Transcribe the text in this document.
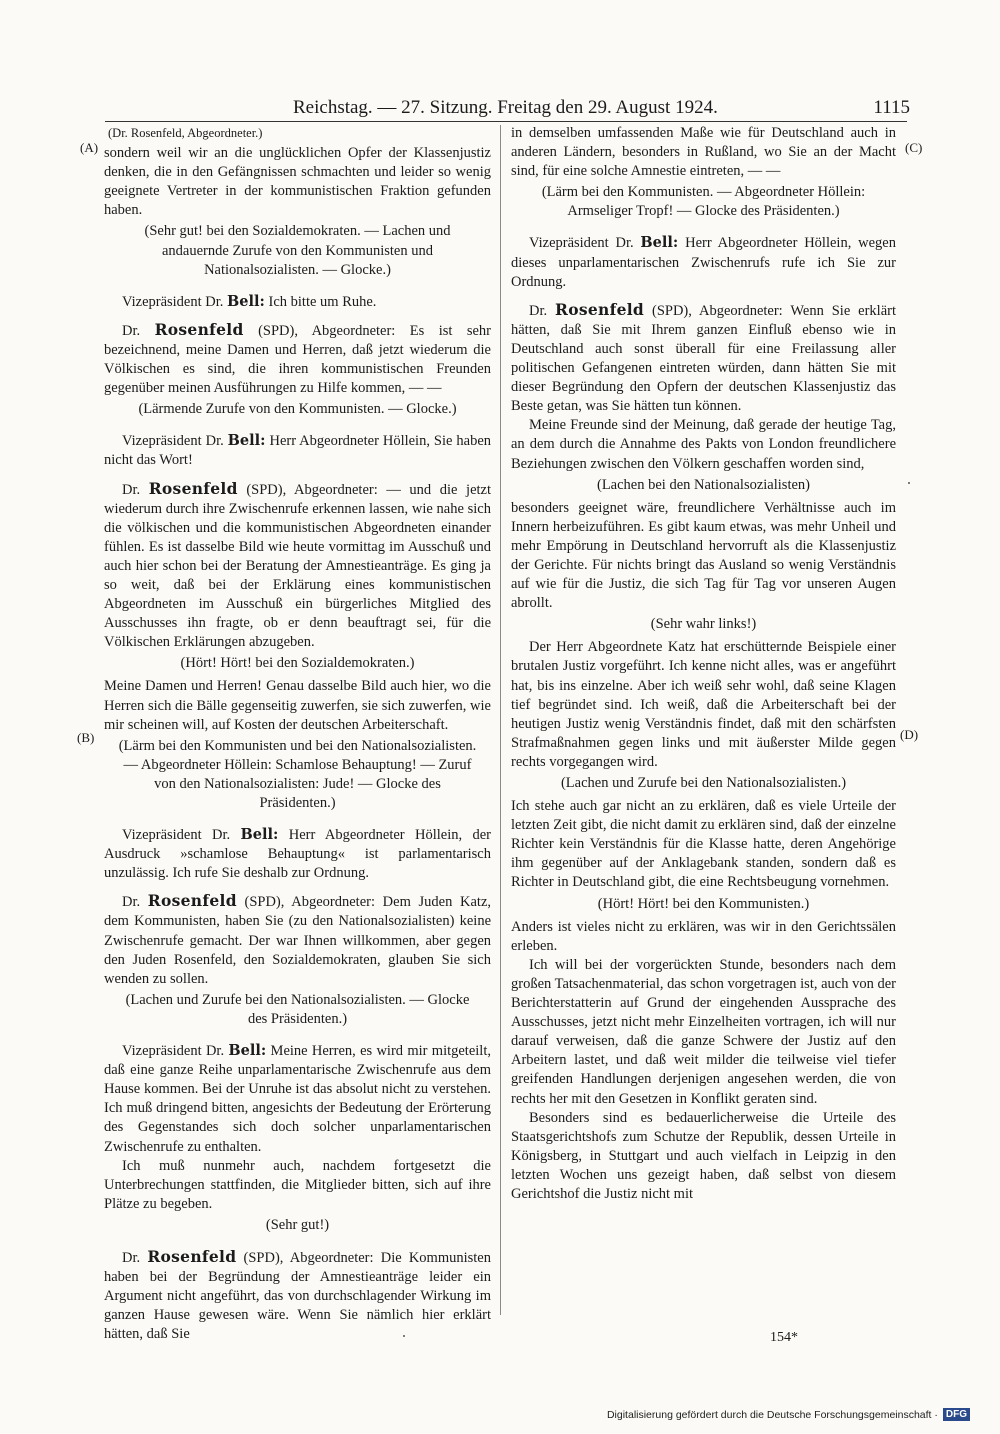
Reichstag. — 27. Sitzung. Freitag den 29. August 1924.	1115
(A)
(B)
(C)
(D)
(Dr. Rosenfeld, Abgeordneter.)

sondern weil wir an die unglücklichen Opfer der Klassenjustiz denken, die in den Gefängnissen schmachten und leider so wenig geeignete Vertreter in der kommunistischen Fraktion gefunden haben.

(Sehr gut! bei den Sozialdemokraten. — Lachen und andauernde Zurufe von den Kommunisten und Nationalsozialisten. — Glocke.)

Vizepräsident Dr. Bell: Ich bitte um Ruhe.

Dr. Rosenfeld (SPD), Abgeordneter: Es ist sehr bezeichnend, meine Damen und Herren, daß jetzt wiederum die Völkischen es sind, die ihren kommunistischen Freunden gegenüber meinen Ausführungen zu Hilfe kommen, — —

(Lärmende Zurufe von den Kommunisten. — Glocke.)

Vizepräsident Dr. Bell: Herr Abgeordneter Höllein, Sie haben nicht das Wort!

Dr. Rosenfeld (SPD), Abgeordneter: — und die jetzt wiederum durch ihre Zwischenrufe erkennen lassen, wie nahe sich die völkischen und die kommunistischen Abgeordneten einander fühlen. Es ist dasselbe Bild wie heute vormittag im Ausschuß und auch hier schon bei der Beratung der Amnestieanträge. Es ging ja so weit, daß bei der Erklärung eines kommunistischen Abgeordneten im Ausschuß ein bürgerliches Mitglied des Ausschusses ihn fragte, ob er denn beauftragt sei, für die Völkischen Erklärungen abzugeben.

(Hört! Hört! bei den Sozialdemokraten.)

Meine Damen und Herren! Genau dasselbe Bild auch hier, wo die Herren sich die Bälle gegenseitig zuwerfen, sie sich zuwerfen, wie mir scheinen will, auf Kosten der deutschen Arbeiterschaft.

(Lärm bei den Kommunisten und bei den Nationalsozialisten. — Abgeordneter Höllein: Schamlose Behauptung! — Zuruf von den Nationalsozialisten: Jude! — Glocke des Präsidenten.)

Vizepräsident Dr. Bell: Herr Abgeordneter Höllein, der Ausdruck »schamlose Behauptung« ist parlamentarisch unzulässig. Ich rufe Sie deshalb zur Ordnung.

Dr. Rosenfeld (SPD), Abgeordneter: Dem Juden Katz, dem Kommunisten, haben Sie (zu den Nationalsozialisten) keine Zwischenrufe gemacht. Der war Ihnen willkommen, aber gegen den Juden Rosenfeld, den Sozialdemokraten, glauben Sie sich wenden zu sollen.

(Lachen und Zurufe bei den Nationalsozialisten. — Glocke des Präsidenten.)

Vizepräsident Dr. Bell: Meine Herren, es wird mir mitgeteilt, daß eine ganze Reihe unparlamentarische Zwischenrufe aus dem Hause kommen. Bei der Unruhe ist das absolut nicht zu verstehen. Ich muß dringend bitten, angesichts der Bedeutung der Erörterung des Gegenstandes sich doch solcher unparlamentarischen Zwischenrufe zu enthalten.

Ich muß nunmehr auch, nachdem fortgesetzt die Unterbrechungen stattfinden, die Mitglieder bitten, sich auf ihre Plätze zu begeben.

(Sehr gut!)

Dr. Rosenfeld (SPD), Abgeordneter: Die Kommunisten haben bei der Begründung der Amnestieanträge leider ein Argument nicht angeführt, das von durchschlagender Wirkung im ganzen Hause gewesen wäre. Wenn Sie nämlich hier erklärt hätten, daß Sie

in demselben umfassenden Maße wie für Deutschland auch in anderen Ländern, besonders in Rußland, wo Sie an der Macht sind, für eine solche Amnestie eintreten, — —

(Lärm bei den Kommunisten. — Abgeordneter Höllein: Armseliger Tropf! — Glocke des Präsidenten.)

Vizepräsident Dr. Bell: Herr Abgeordneter Höllein, wegen dieses unparlamentarischen Zwischenrufs rufe ich Sie zur Ordnung.

Dr. Rosenfeld (SPD), Abgeordneter: Wenn Sie erklärt hätten, daß Sie mit Ihrem ganzen Einfluß ebenso wie in Deutschland auch sonst überall für eine Freilassung aller politischen Gefangenen eintreten würden, dann hätten Sie mit dieser Begründung den Opfern der deutschen Klassenjustiz das Beste getan, was Sie hätten tun können.

Meine Freunde sind der Meinung, daß gerade der heutige Tag, an dem durch die Annahme des Pakts von London freundlichere Beziehungen zwischen den Völkern geschaffen worden sind,

(Lachen bei den Nationalsozialisten)

besonders geeignet wäre, freundlichere Verhältnisse auch im Innern herbeizuführen. Es gibt kaum etwas, was mehr Unheil und mehr Empörung in Deutschland hervorruft als die Klassenjustiz der Gerichte. Für nichts bringt das Ausland so wenig Verständnis auf wie für die Justiz, die sich Tag für Tag vor unseren Augen abrollt.

(Sehr wahr links!)

Der Herr Abgeordnete Katz hat erschütternde Beispiele einer brutalen Justiz vorgeführt. Ich kenne nicht alles, was er angeführt hat, bis ins einzelne. Aber ich weiß sehr wohl, daß seine Klagen tief begründet sind. Ich weiß, daß die Arbeiterschaft bei der heutigen Justiz wenig Verständnis findet, daß mit den schärfsten Strafmaßnahmen gegen links und mit äußerster Milde gegen rechts vorgegangen wird.

(Lachen und Zurufe bei den Nationalsozialisten.)

Ich stehe auch gar nicht an zu erklären, daß es viele Urteile der letzten Zeit gibt, die nicht damit zu erklären sind, daß der einzelne Richter kein Verständnis für die Klasse hatte, deren Angehörige ihm gegenüber auf der Anklagebank standen, sondern daß es Richter in Deutschland gibt, die eine Rechtsbeugung vornehmen.

(Hört! Hört! bei den Kommunisten.)

Anders ist vieles nicht zu erklären, was wir in den Gerichtssälen erleben.

Ich will bei der vorgerückten Stunde, besonders nach dem großen Tatsachenmaterial, das schon vorgetragen ist, auch von der Berichterstatterin auf Grund der eingehenden Aussprache des Ausschusses, jetzt nicht mehr Einzelheiten vortragen, ich will nur darauf verweisen, daß die ganze Schwere der Justiz auf den Arbeitern lastet, und daß weit milder die teilweise viel tiefer greifenden Handlungen derjenigen angesehen werden, die von rechts her mit den Gesetzen in Konflikt geraten sind.

Besonders sind es bedauerlicherweise die Urteile des Staatsgerichtshofs zum Schutze der Republik, dessen Urteile in Königsberg, in Stuttgart und auch vielfach in Leipzig in den letzten Wochen uns gezeigt haben, daß selbst von diesem Gerichtshof die Justiz nicht mit

154*
Digitalisierung gefördert durch die Deutsche Forschungsgemeinschaft · DFG
